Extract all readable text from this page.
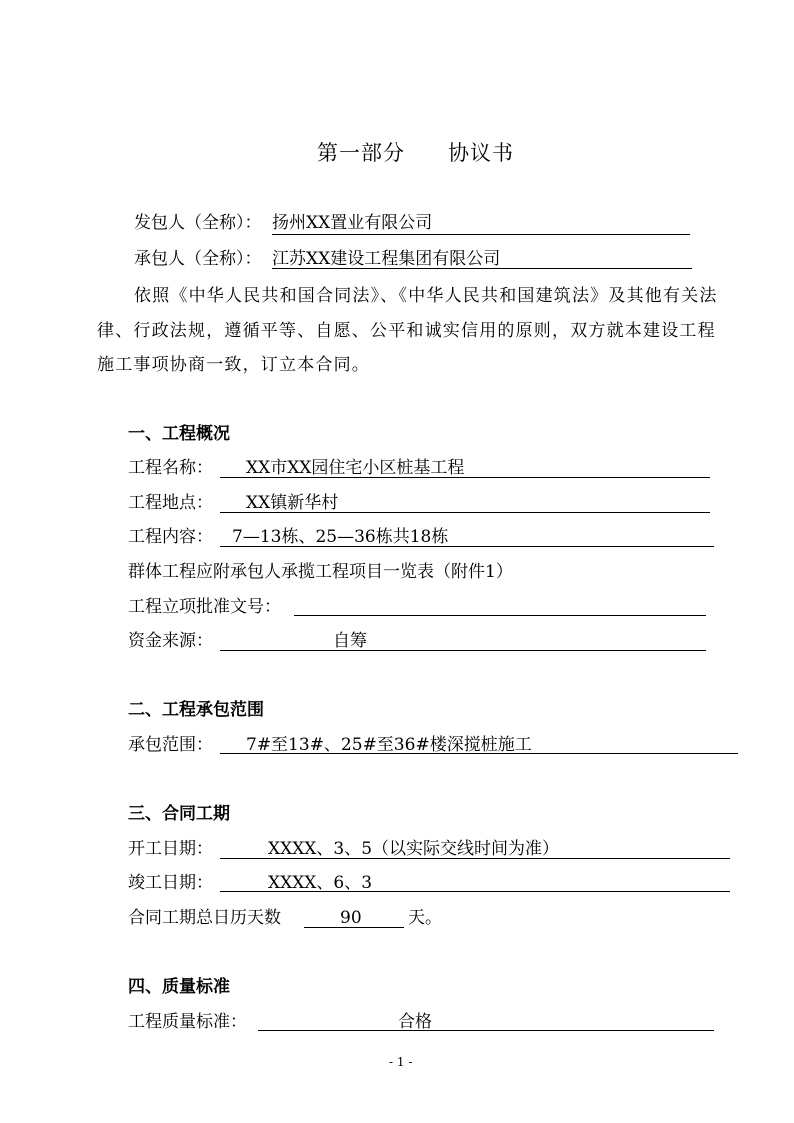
第一部分 协议书
发包人（全称）： 扬州XX置业有限公司
承包人（全称）： 江苏XX建设工程集团有限公司
依照《中华人民共和国合同法》、《中华人民共和国建筑法》及其他有关法
律、行政法规，遵循平等、自愿、公平和诚实信用的原则，双方就本建设工程
施工事项协商一致，订立本合同。
一、工程概况
工程名称： XX市XX园住宅小区桩基工程
工程地点： XX镇新华村
工程内容： 7—13栋、25—36栋共18栋
群体工程应附承包人承揽工程项目一览表（附件1）
工程立项批准文号：
资金来源：	自筹
二、工程承包范围
承包范围： 7#至13#、25#至36#楼深搅桩施工
三、合同工期
开工日期：	XXXX、3、5（以实际交线时间为准）
竣工日期：	XXXX、6、3
合同工期总日历天数	90	天。
四、质量标准
工程质量标准：	合格
- 1 -
